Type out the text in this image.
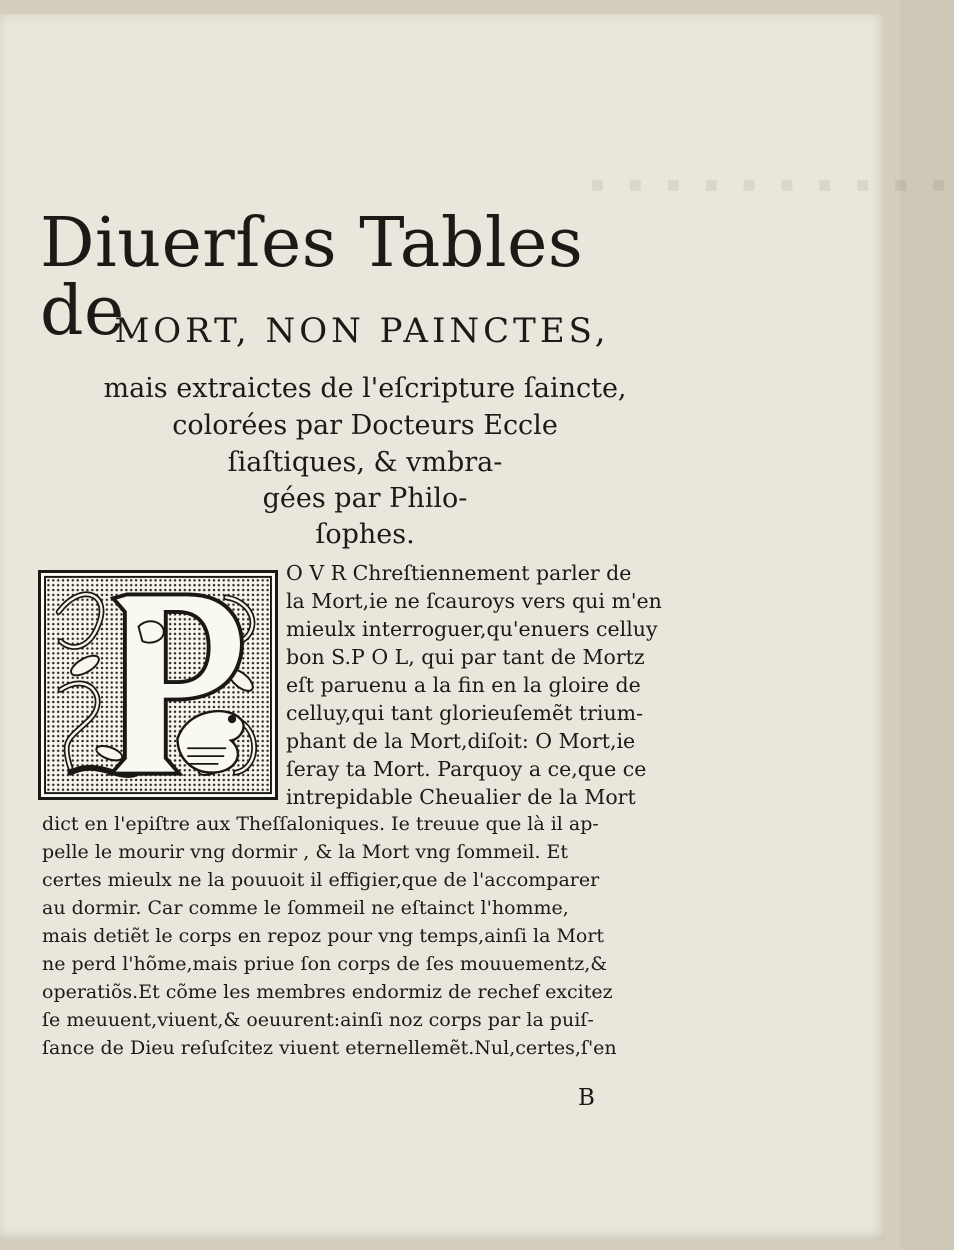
▪ ▪ ▪ ▪ ▪ ▪ ▪ ▪ ▪ ▪
Diuerſes Tables de
MORT, NON PAINCTES,
mais extraictes de l'eſcripture ſaincte,
colorées par Docteurs Eccle
ſiaſtiques, & vmbra-
gées par Philo-
ſophes.
O V R Chreſtiennement parler de
la Mort,ie ne ſcauroys vers qui m'en
mieulx interroguer,qu'enuers celluy
bon S.P O L, qui par tant de Mortz
eſt paruenu a la fin en la gloire de
celluy,qui tant glorieuſemẽt trium-
phant de la Mort,diſoit: O Mort,ie
ſeray ta Mort. Parquoy a ce,que ce
intrepidable Cheualier de la Mort
dict en l'epiſtre aux Theſſaloniques. Ie treuue que là il ap-
pelle le mourir vng dormir , & la Mort vng ſommeil. Et
certes mieulx ne la pouuoit il effigier,que de l'accomparer
au dormir. Car comme le ſommeil ne eſtainct l'homme,
mais detiẽt le corps en repoz pour vng temps,ainſi la Mort
ne perd l'hõme,mais priue ſon corps de ſes mouuementz,&
operatiõs.Et cõme les membres endormiz de rechef excitez
ſe meuuent,viuent,& oeuurent:ainſi noz corps par la puiſ-
ſance de Dieu reſuſcitez viuent eternellemẽt.Nul,certes,ſ'en
B
